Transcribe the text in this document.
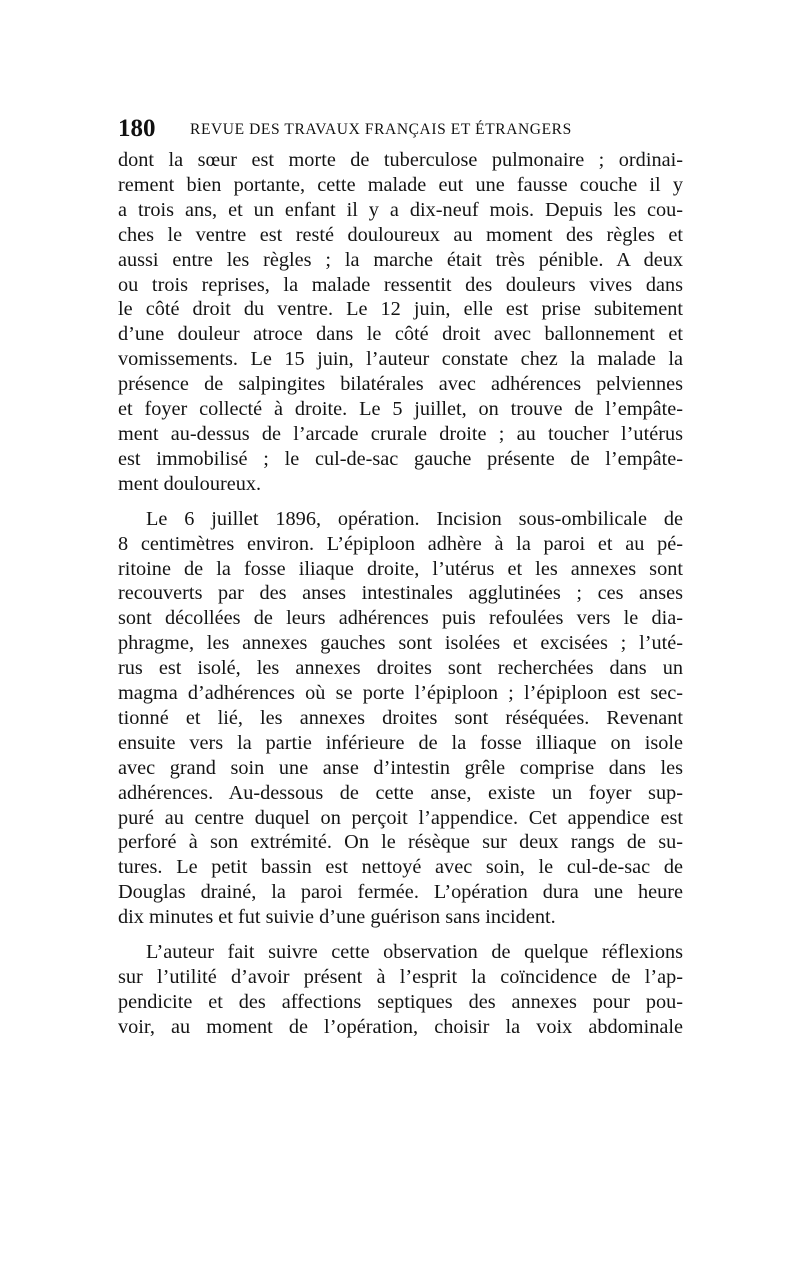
180 REVUE DES TRAVAUX FRANÇAIS ET ÉTRANGERS

dont la sœur est morte de tuberculose pulmonaire ; ordinai-
rement bien portante, cette malade eut une fausse couche il y
a trois ans, et un enfant il y a dix-neuf mois. Depuis les cou-
ches le ventre est resté douloureux au moment des règles et
aussi entre les règles ; la marche était très pénible. A deux
ou trois reprises, la malade ressentit des douleurs vives dans
le côté droit du ventre. Le 12 juin, elle est prise subitement
d’une douleur atroce dans le côté droit avec ballonnement et
vomissements. Le 15 juin, l’auteur constate chez la malade la
présence de salpingites bilatérales avec adhérences pelviennes
et foyer collecté à droite. Le 5 juillet, on trouve de l’empâte-
ment au-dessus de l’arcade crurale droite ; au toucher l’utérus
est immobilisé ; le cul-de-sac gauche présente de l’empâte-
ment douloureux.

Le 6 juillet 1896, opération. Incision sous-ombilicale de
8 centimètres environ. L’épiploon adhère à la paroi et au pé-
ritoine de la fosse iliaque droite, l’utérus et les annexes sont
recouverts par des anses intestinales agglutinées ; ces anses
sont décollées de leurs adhérences puis refoulées vers le dia-
phragme, les annexes gauches sont isolées et excisées ; l’uté-
rus est isolé, les annexes droites sont recherchées dans un
magma d’adhérences où se porte l’épiploon ; l’épiploon est sec-
tionné et lié, les annexes droites sont réséquées. Revenant
ensuite vers la partie inférieure de la fosse illiaque on isole
avec grand soin une anse d’intestin grêle comprise dans les
adhérences. Au-dessous de cette anse, existe un foyer sup-
puré au centre duquel on perçoit l’appendice. Cet appendice est
perforé à son extrémité. On le résèque sur deux rangs de su-
tures. Le petit bassin est nettoyé avec soin, le cul-de-sac de
Douglas drainé, la paroi fermée. L’opération dura une heure
dix minutes et fut suivie d’une guérison sans incident.

L’auteur fait suivre cette observation de quelque réflexions
sur l’utilité d’avoir présent à l’esprit la coïncidence de l’ap-
pendicite et des affections septiques des annexes pour pou-
voir, au moment de l’opération, choisir la voix abdominale
